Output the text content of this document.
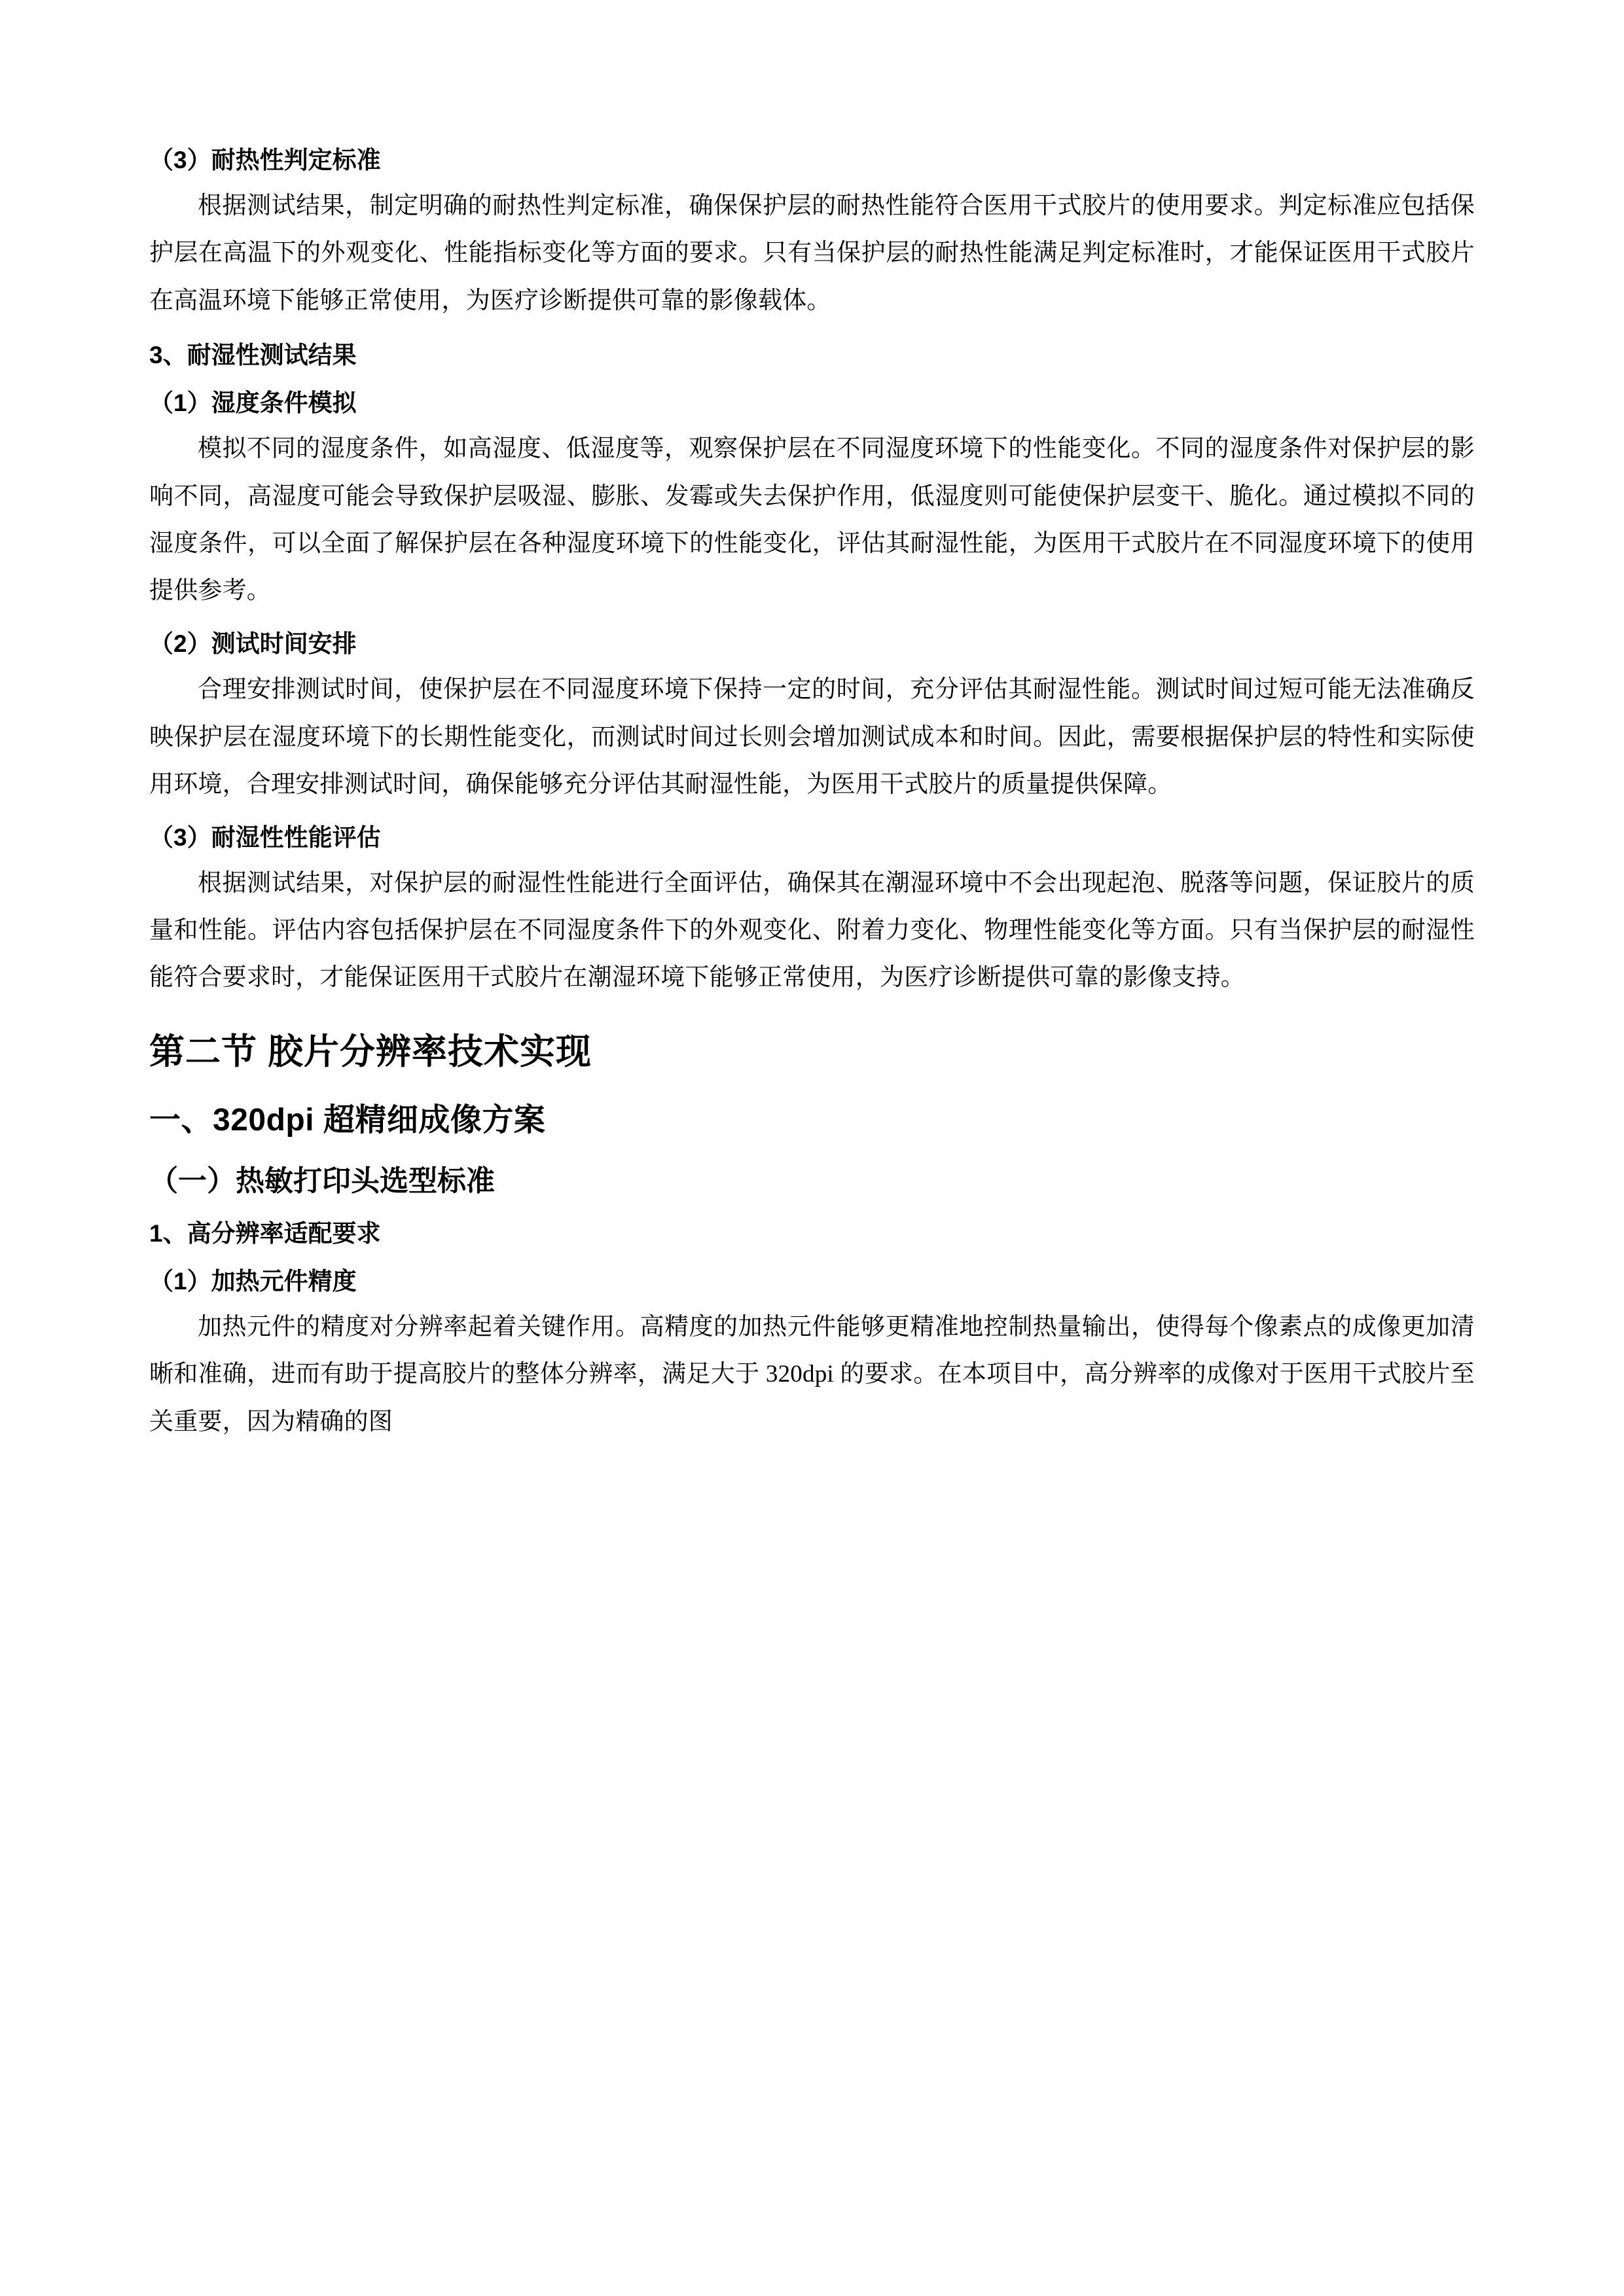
（3）耐热性判定标准

根据测试结果，制定明确的耐热性判定标准，确保保护层的耐热性能符合医用干式胶片的使用要求。判定标准应包括保护层在高温下的外观变化、性能指标变化等方面的要求。只有当保护层的耐热性能满足判定标准时，才能保证医用干式胶片在高温环境下能够正常使用，为医疗诊断提供可靠的影像载体。

3、耐湿性测试结果
（1）湿度条件模拟

模拟不同的湿度条件，如高湿度、低湿度等，观察保护层在不同湿度环境下的性能变化。不同的湿度条件对保护层的影响不同，高湿度可能会导致保护层吸湿、膨胀、发霉或失去保护作用，低湿度则可能使保护层变干、脆化。通过模拟不同的湿度条件，可以全面了解保护层在各种湿度环境下的性能变化，评估其耐湿性能，为医用干式胶片在不同湿度环境下的使用提供参考。

（2）测试时间安排

合理安排测试时间，使保护层在不同湿度环境下保持一定的时间，充分评估其耐湿性能。测试时间过短可能无法准确反映保护层在湿度环境下的长期性能变化，而测试时间过长则会增加测试成本和时间。因此，需要根据保护层的特性和实际使用环境，合理安排测试时间，确保能够充分评估其耐湿性能，为医用干式胶片的质量提供保障。

（3）耐湿性性能评估

根据测试结果，对保护层的耐湿性性能进行全面评估，确保其在潮湿环境中不会出现起泡、脱落等问题，保证胶片的质量和性能。评估内容包括保护层在不同湿度条件下的外观变化、附着力变化、物理性能变化等方面。只有当保护层的耐湿性能符合要求时，才能保证医用干式胶片在潮湿环境下能够正常使用，为医疗诊断提供可靠的影像支持。

第二节 胶片分辨率技术实现
一、320dpi 超精细成像方案
（一）热敏打印头选型标准
1、高分辨率适配要求
（1）加热元件精度

加热元件的精度对分辨率起着关键作用。高精度的加热元件能够更精准地控制热量输出，使得每个像素点的成像更加清晰和准确，进而有助于提高胶片的整体分辨率，满足大于 320dpi 的要求。在本项目中，高分辨率的成像对于医用干式胶片至关重要，因为精确的图
